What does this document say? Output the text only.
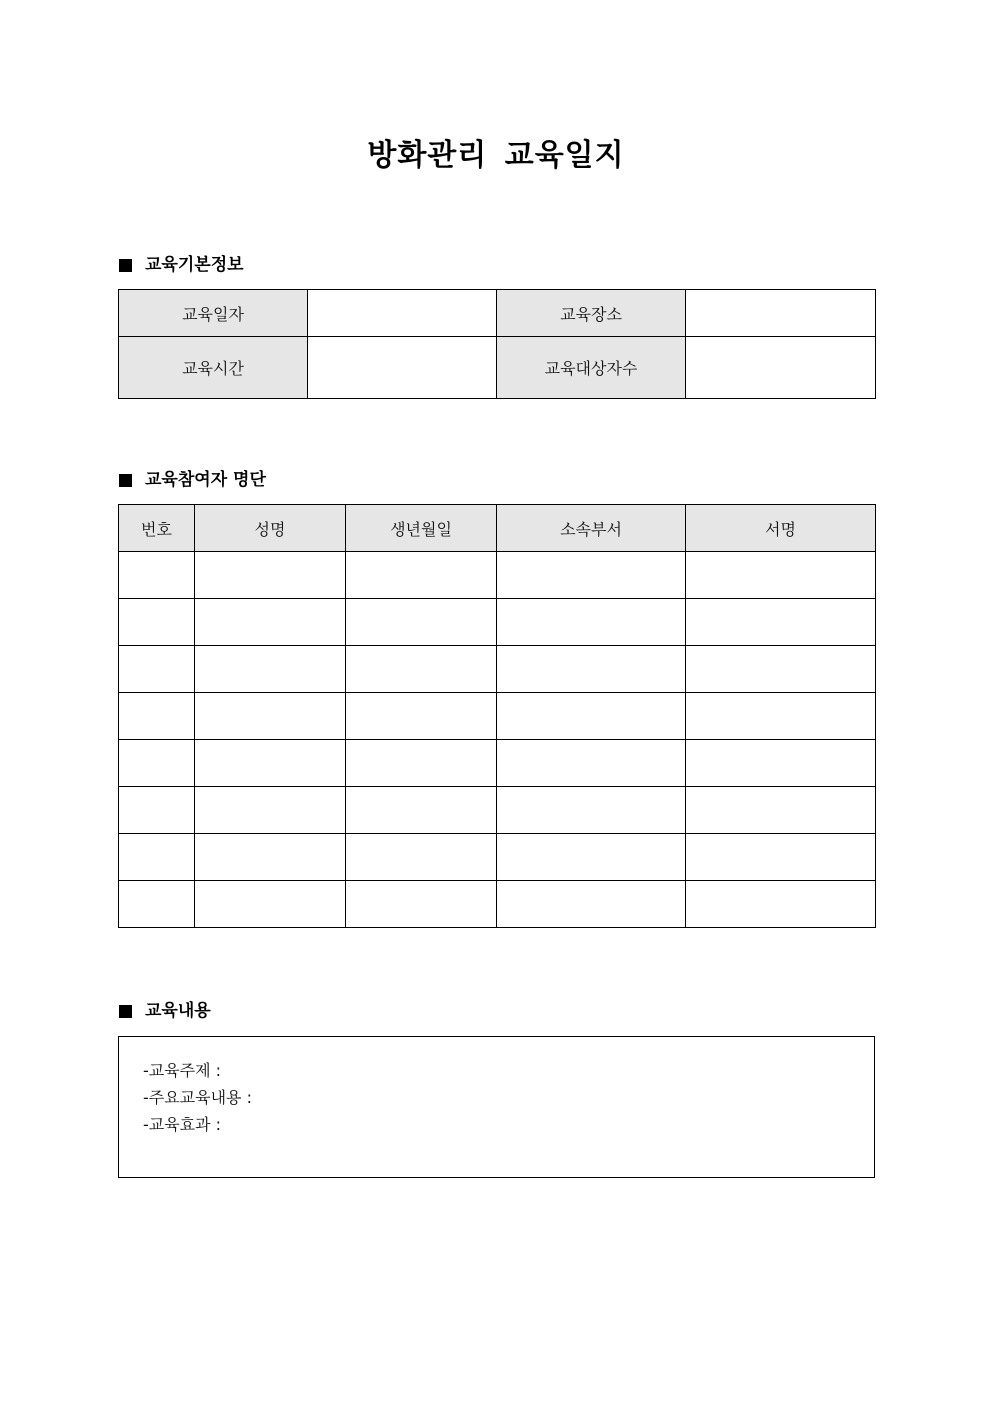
방화관리 교육일지
교육기본정보
교육일자		교육장소	
교육시간		교육대상자수	
교육참여자 명단
번호	성명	생년월일	소속부서	서명

교육내용
-교육주제 :
-주요교육내용 :
-교육효과 :
